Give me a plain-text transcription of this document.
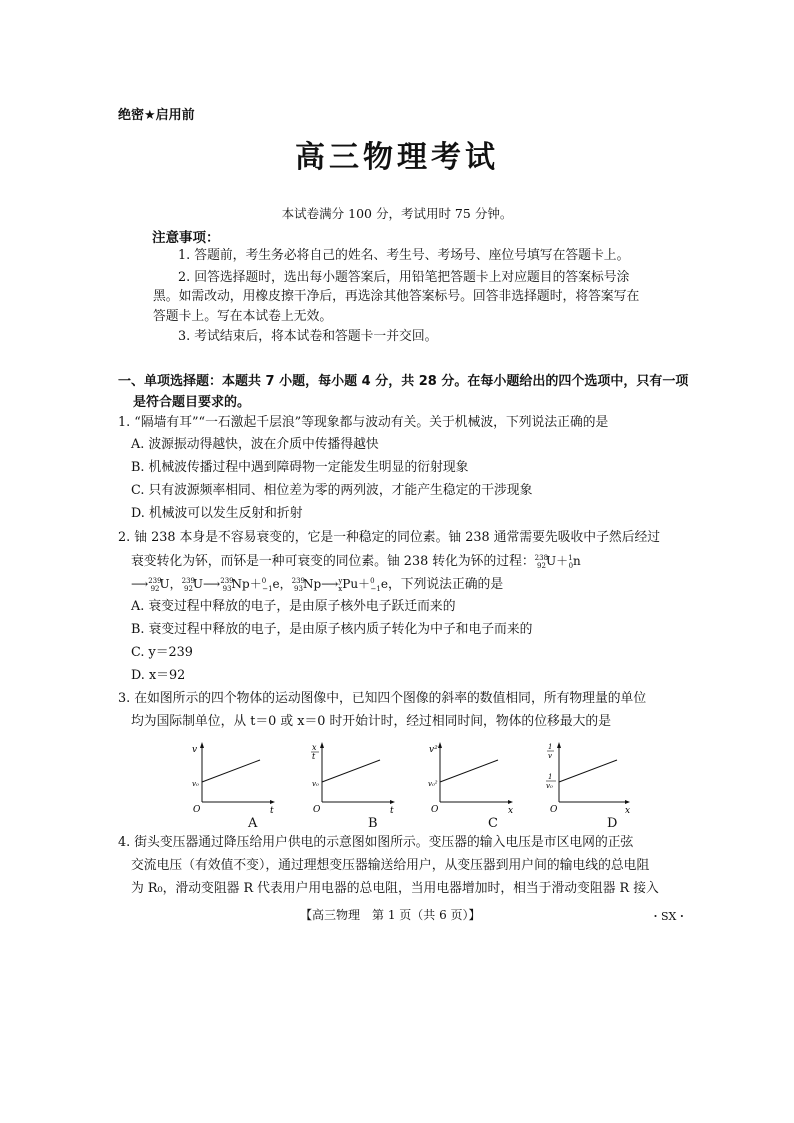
绝密★启用前
高三物理考试
本试卷满分 100 分，考试用时 75 分钟。
注意事项：
1. 答题前，考生务必将自己的姓名、考生号、考场号、座位号填写在答题卡上。
2. 回答选择题时，选出每小题答案后，用铅笔把答题卡上对应题目的答案标号涂
黑。如需改动，用橡皮擦干净后，再选涂其他答案标号。回答非选择题时，将答案写在
答题卡上。写在本试卷上无效。
3. 考试结束后，将本试卷和答题卡一并交回。
一、单项选择题：本题共 7 小题，每小题 4 分，共 28 分。在每小题给出的四个选项中，只有一项
是符合题目要求的。
1. “隔墙有耳”“一石激起千层浪”等现象都与波动有关。关于机械波，下列说法正确的是
A. 波源振动得越快，波在介质中传播得越快
B. 机械波传播过程中遇到障碍物一定能发生明显的衍射现象
C. 只有波源频率相同、相位差为零的两列波，才能产生稳定的干涉现象
D. 机械波可以发生反射和折射
2. 铀 238 本身是不容易衰变的，它是一种稳定的同位素。铀 238 通常需要先吸收中子然后经过
衰变转化为钚，而钚是一种可衰变的同位素。铀 238 转化为钚的过程：$^{238}_{92}$U＋$^1_0$n
⟶$^{239}_{92}$U，$^{239}_{92}$U⟶$^{239}_{93}$Np＋$^0_{-1}$e，$^{239}_{93}$Np⟶$^y_x$Pu＋$^0_{-1}$e，下列说法正确的是
A. 衰变过程中释放的电子，是由原子核外电子跃迁而来的
B. 衰变过程中释放的电子，是由原子核内质子转化为中子和电子而来的
C. y＝239
D. x＝92
3. 在如图所示的四个物体的运动图像中，已知四个图像的斜率的数值相同，所有物理量的单位
均为国际制单位，从 t＝0 或 x＝0 时开始计时，经过相同时间，物体的位移最大的是
v
v₀
O	t
A
x
t
v₀
O	t
B
v²
v₀²
O	x
C
1
v
1
v₀
O	x
D
4. 街头变压器通过降压给用户供电的示意图如图所示。变压器的输入电压是市区电网的正弦
交流电压（有效值不变），通过理想变压器输送给用户，从变压器到用户间的输电线的总电阻
为 R₀，滑动变阻器 R 代表用户用电器的总电阻，当用电器增加时，相当于滑动变阻器 R 接入
【高三物理　第 1 页（共 6 页）】	・SX・
